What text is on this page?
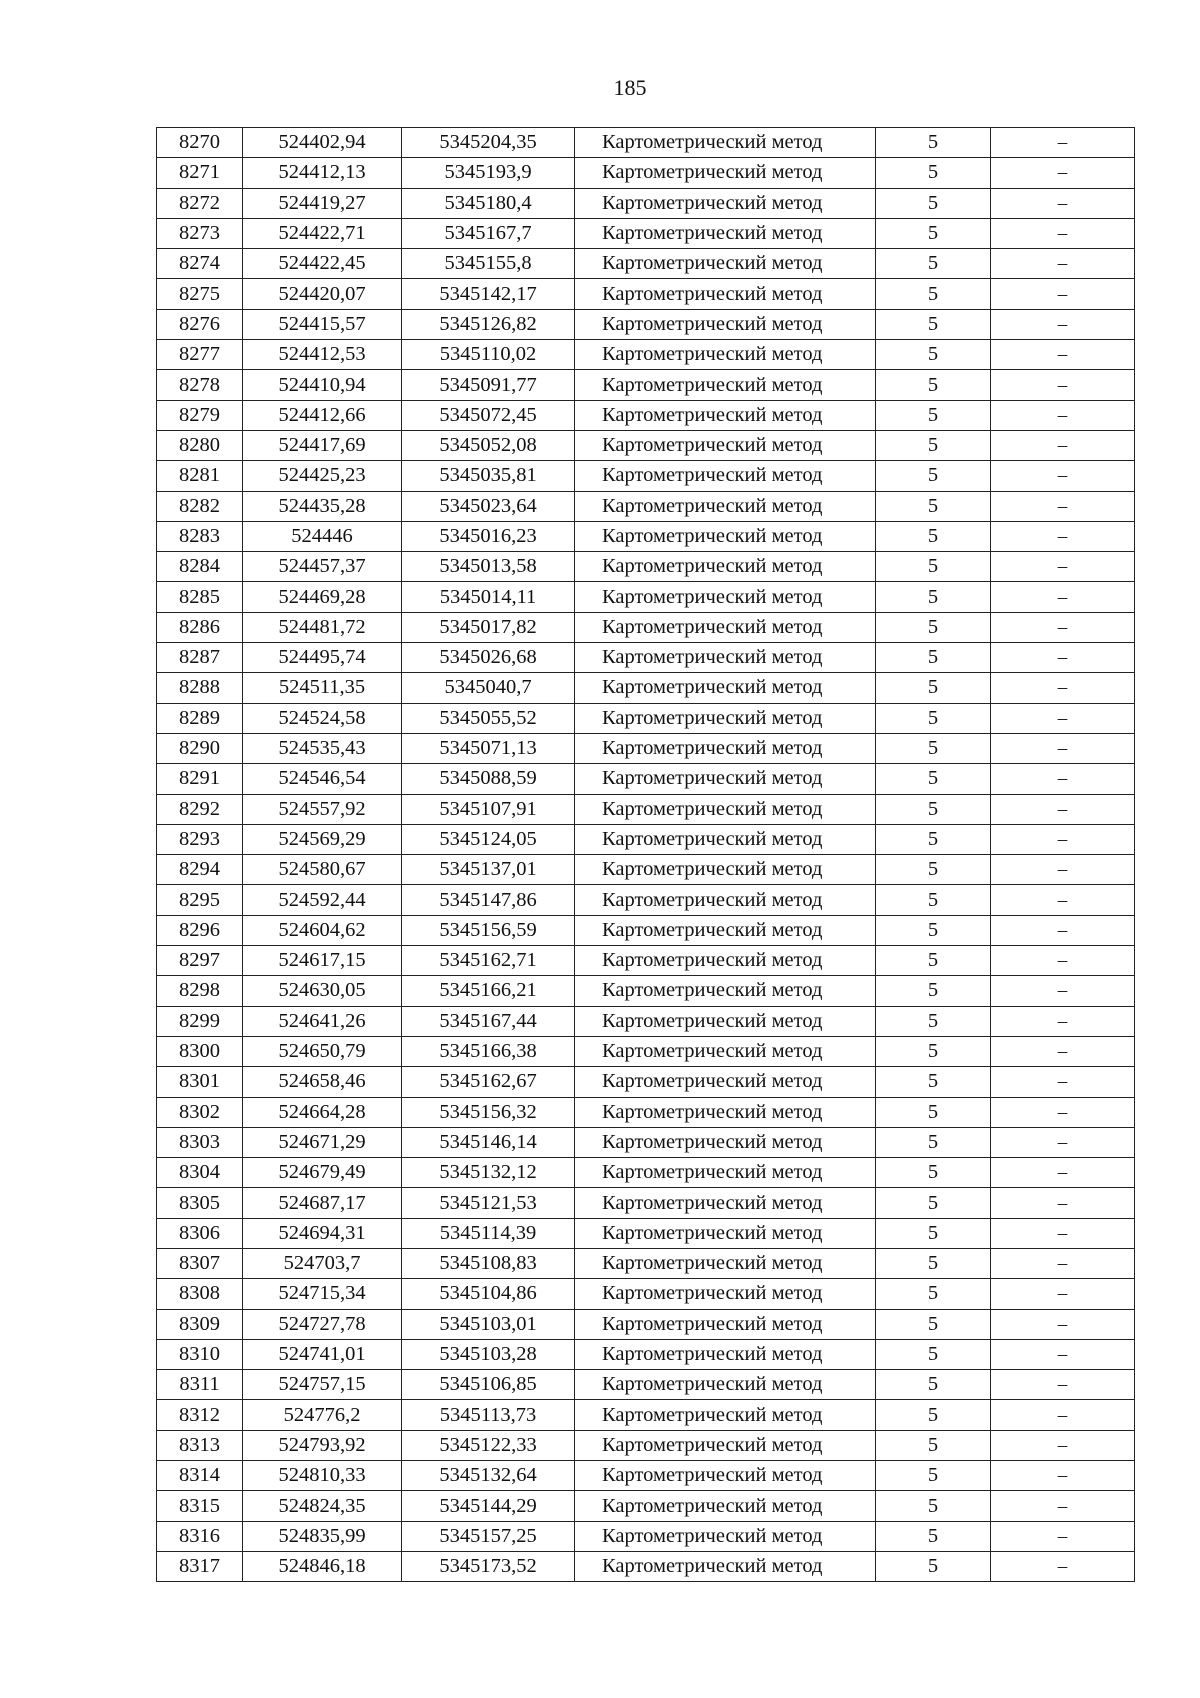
185
8270	524402,94	5345204,35	Картометрический метод	5	–
8271	524412,13	5345193,9	Картометрический метод	5	–
8272	524419,27	5345180,4	Картометрический метод	5	–
8273	524422,71	5345167,7	Картометрический метод	5	–
8274	524422,45	5345155,8	Картометрический метод	5	–
8275	524420,07	5345142,17	Картометрический метод	5	–
8276	524415,57	5345126,82	Картометрический метод	5	–
8277	524412,53	5345110,02	Картометрический метод	5	–
8278	524410,94	5345091,77	Картометрический метод	5	–
8279	524412,66	5345072,45	Картометрический метод	5	–
8280	524417,69	5345052,08	Картометрический метод	5	–
8281	524425,23	5345035,81	Картометрический метод	5	–
8282	524435,28	5345023,64	Картометрический метод	5	–
8283	524446	5345016,23	Картометрический метод	5	–
8284	524457,37	5345013,58	Картометрический метод	5	–
8285	524469,28	5345014,11	Картометрический метод	5	–
8286	524481,72	5345017,82	Картометрический метод	5	–
8287	524495,74	5345026,68	Картометрический метод	5	–
8288	524511,35	5345040,7	Картометрический метод	5	–
8289	524524,58	5345055,52	Картометрический метод	5	–
8290	524535,43	5345071,13	Картометрический метод	5	–
8291	524546,54	5345088,59	Картометрический метод	5	–
8292	524557,92	5345107,91	Картометрический метод	5	–
8293	524569,29	5345124,05	Картометрический метод	5	–
8294	524580,67	5345137,01	Картометрический метод	5	–
8295	524592,44	5345147,86	Картометрический метод	5	–
8296	524604,62	5345156,59	Картометрический метод	5	–
8297	524617,15	5345162,71	Картометрический метод	5	–
8298	524630,05	5345166,21	Картометрический метод	5	–
8299	524641,26	5345167,44	Картометрический метод	5	–
8300	524650,79	5345166,38	Картометрический метод	5	–
8301	524658,46	5345162,67	Картометрический метод	5	–
8302	524664,28	5345156,32	Картометрический метод	5	–
8303	524671,29	5345146,14	Картометрический метод	5	–
8304	524679,49	5345132,12	Картометрический метод	5	–
8305	524687,17	5345121,53	Картометрический метод	5	–
8306	524694,31	5345114,39	Картометрический метод	5	–
8307	524703,7	5345108,83	Картометрический метод	5	–
8308	524715,34	5345104,86	Картометрический метод	5	–
8309	524727,78	5345103,01	Картометрический метод	5	–
8310	524741,01	5345103,28	Картометрический метод	5	–
8311	524757,15	5345106,85	Картометрический метод	5	–
8312	524776,2	5345113,73	Картометрический метод	5	–
8313	524793,92	5345122,33	Картометрический метод	5	–
8314	524810,33	5345132,64	Картометрический метод	5	–
8315	524824,35	5345144,29	Картометрический метод	5	–
8316	524835,99	5345157,25	Картометрический метод	5	–
8317	524846,18	5345173,52	Картометрический метод	5	–
